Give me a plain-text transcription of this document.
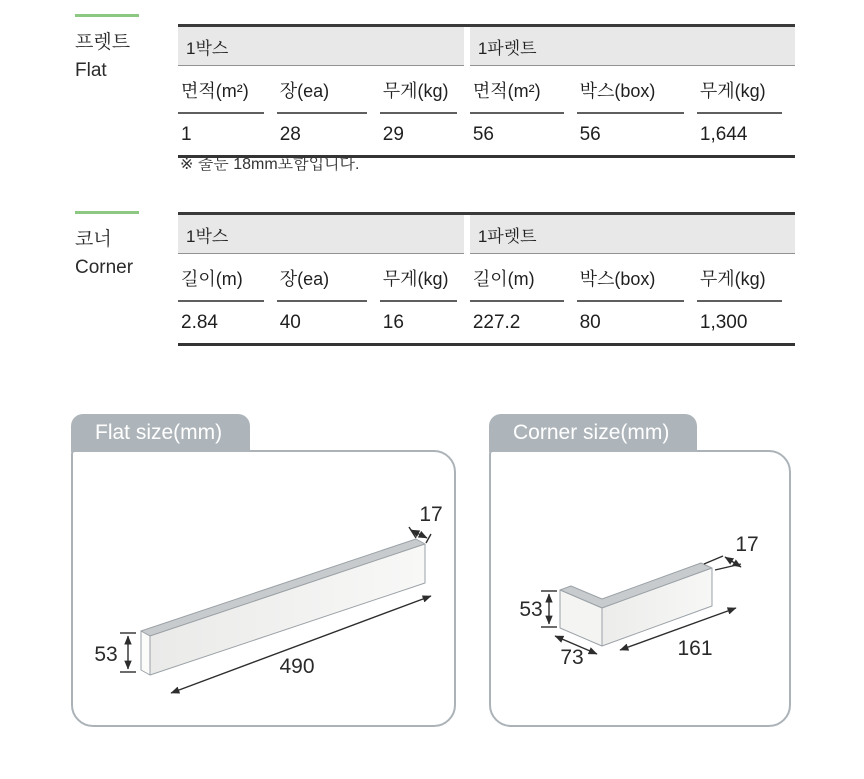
프렛트
Flat
1박스			1파렛트		

면적(m²)	장(ea)	무게(kg)	면적(m²)	박스(box)	무게(kg)

1	28	29	56	56	1,644
※ 줄눈 18mm포함입니다.
코너
Corner
1박스			1파렛트		

길이(m)	장(ea)	무게(kg)	길이(m)	박스(box)	무게(kg)

2.84	40	16	227.2	80	1,300
Flat size(mm)
53
490
17
Corner size(mm)
53
73	161
17
